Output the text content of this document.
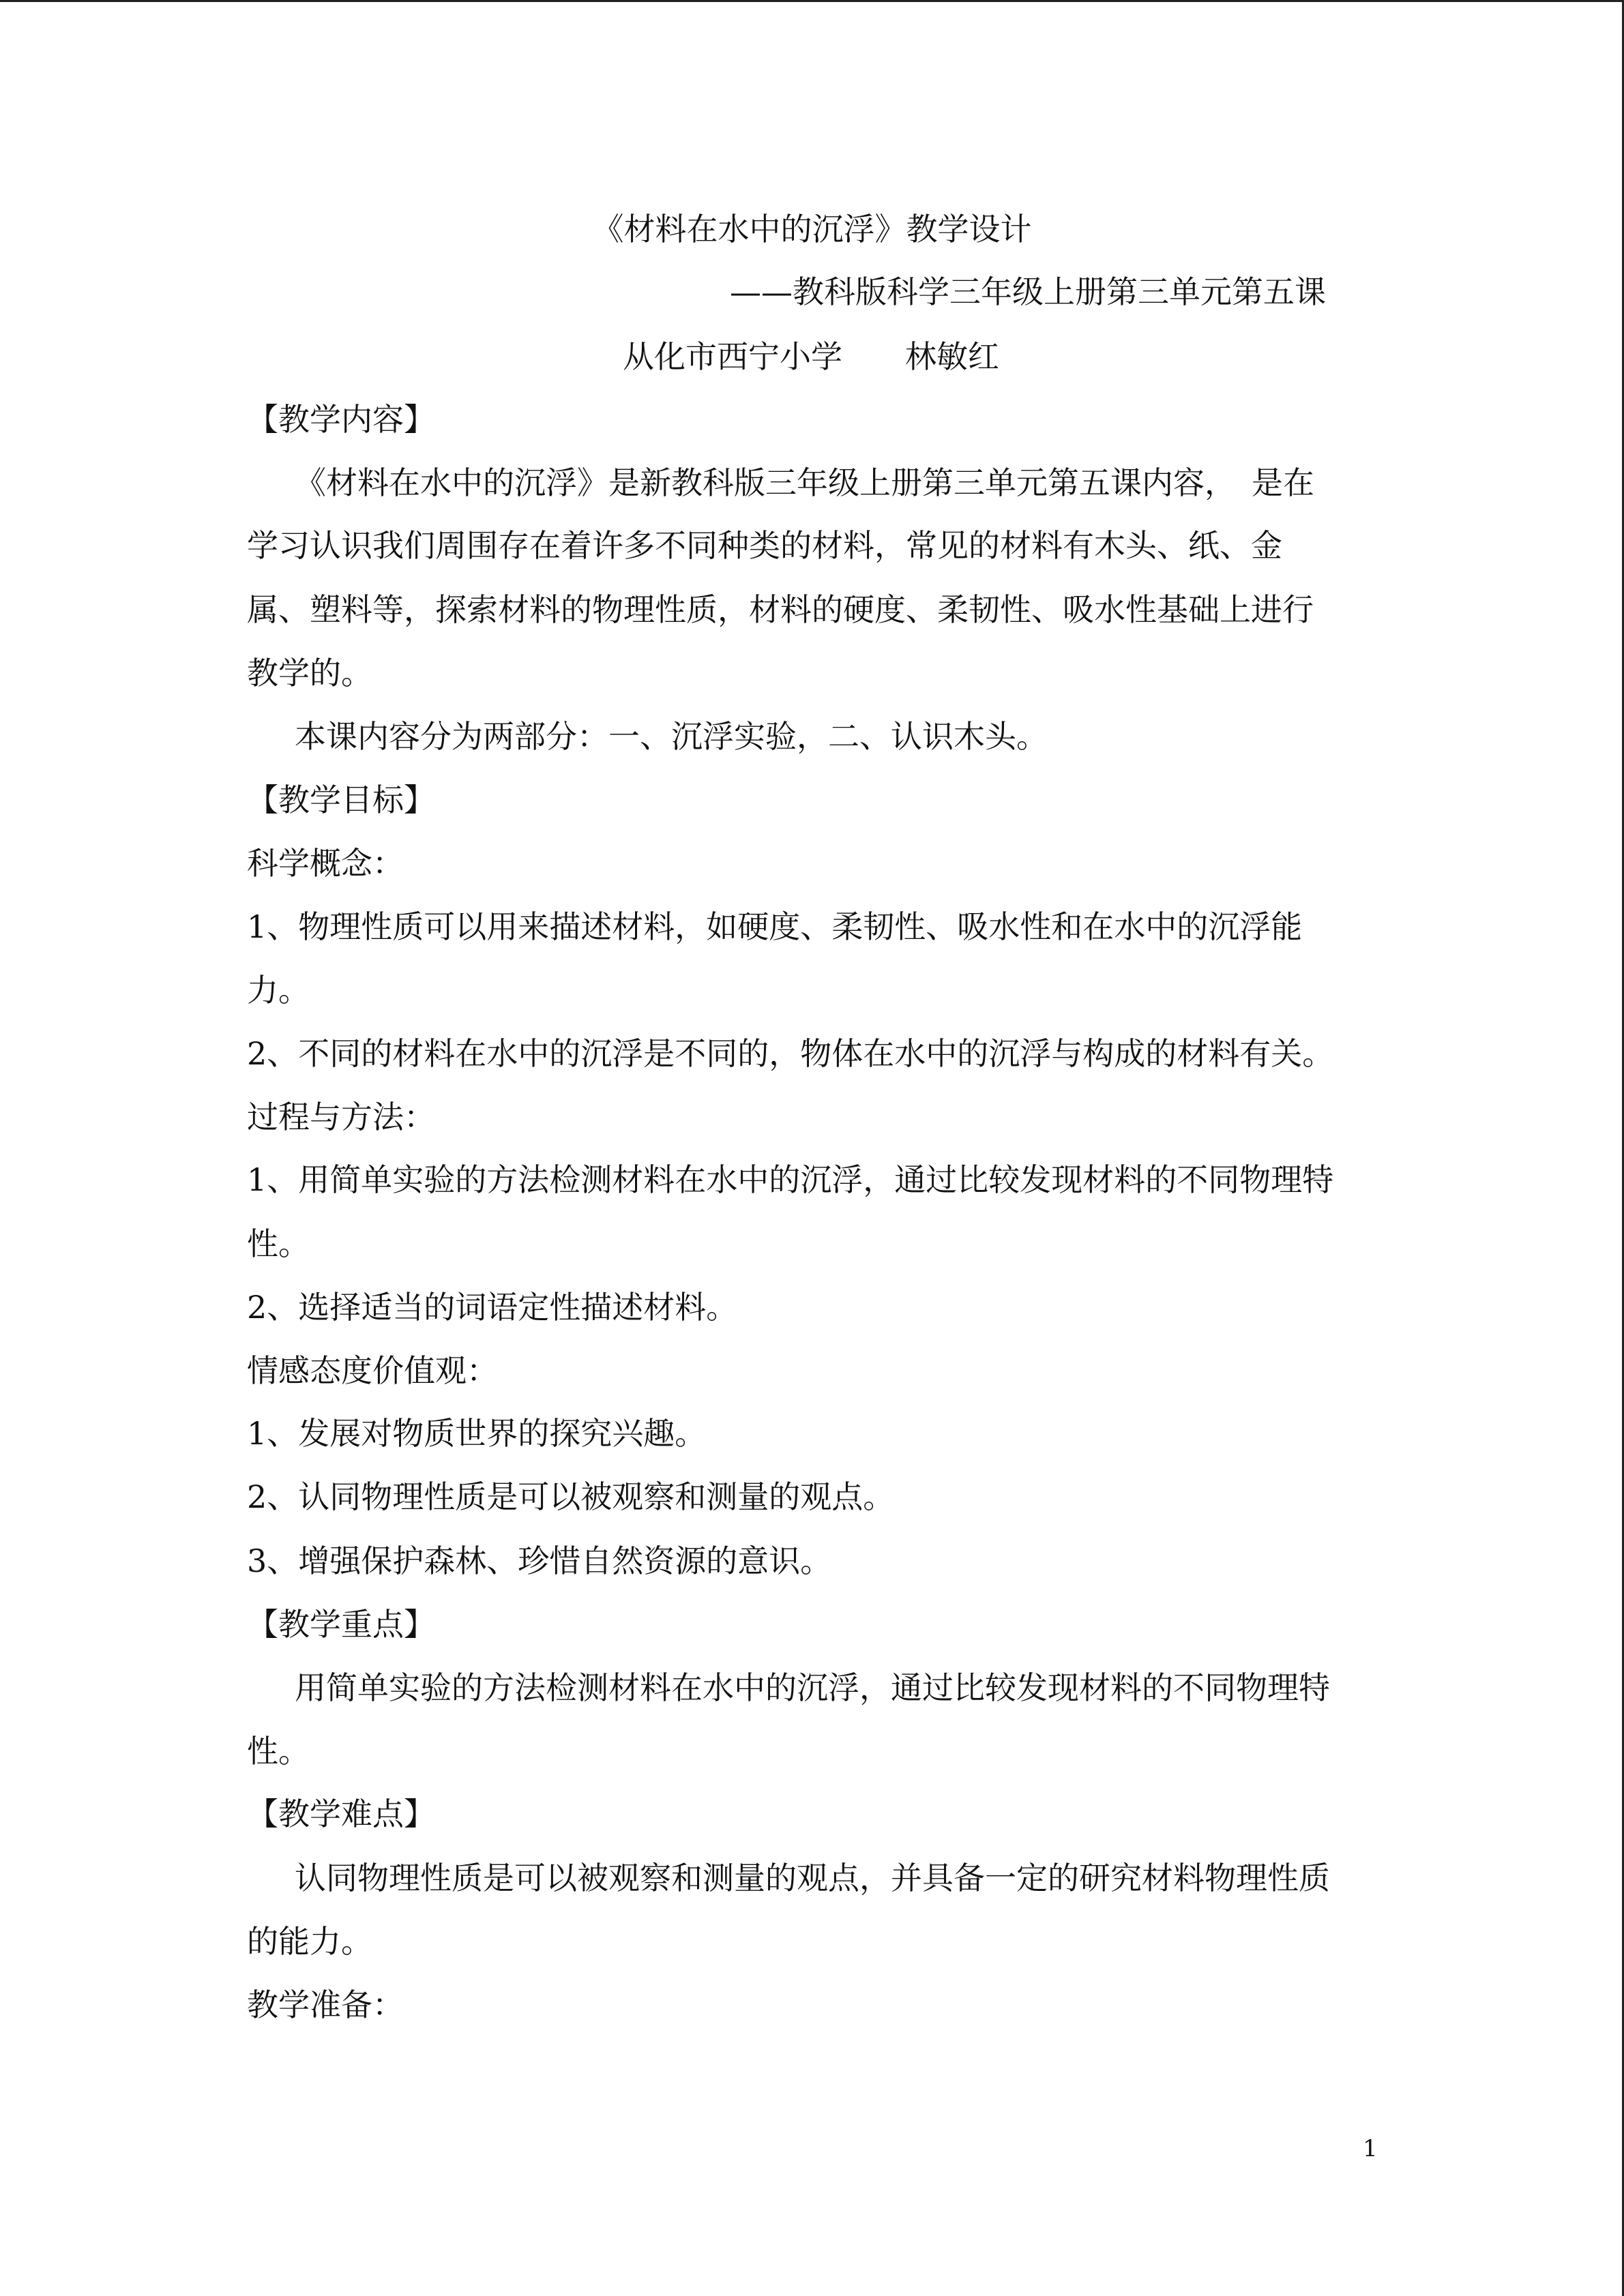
《材料在水中的沉浮》教学设计
——教科版科学三年级上册第三单元第五课
从化市西宁小学　　林敏红
【教学内容】
《材料在水中的沉浮》是新教科版三年级上册第三单元第五课内容，　是在
学习认识我们周围存在着许多不同种类的材料，常见的材料有木头、纸、金
属、塑料等，探索材料的物理性质，材料的硬度、柔韧性、吸水性基础上进行
教学的。
本课内容分为两部分：一、沉浮实验，二、认识木头。
【教学目标】
科学概念：
1、物理性质可以用来描述材料，如硬度、柔韧性、吸水性和在水中的沉浮能
力。
2、不同的材料在水中的沉浮是不同的，物体在水中的沉浮与构成的材料有关。
过程与方法：
1、用简单实验的方法检测材料在水中的沉浮，通过比较发现材料的不同物理特
性。
2、选择适当的词语定性描述材料。
情感态度价值观：
1、发展对物质世界的探究兴趣。
2、认同物理性质是可以被观察和测量的观点。
3、增强保护森林、珍惜自然资源的意识。
【教学重点】
用简单实验的方法检测材料在水中的沉浮，通过比较发现材料的不同物理特
性。
【教学难点】
认同物理性质是可以被观察和测量的观点，并具备一定的研究材料物理性质
的能力。
教学准备：
1
